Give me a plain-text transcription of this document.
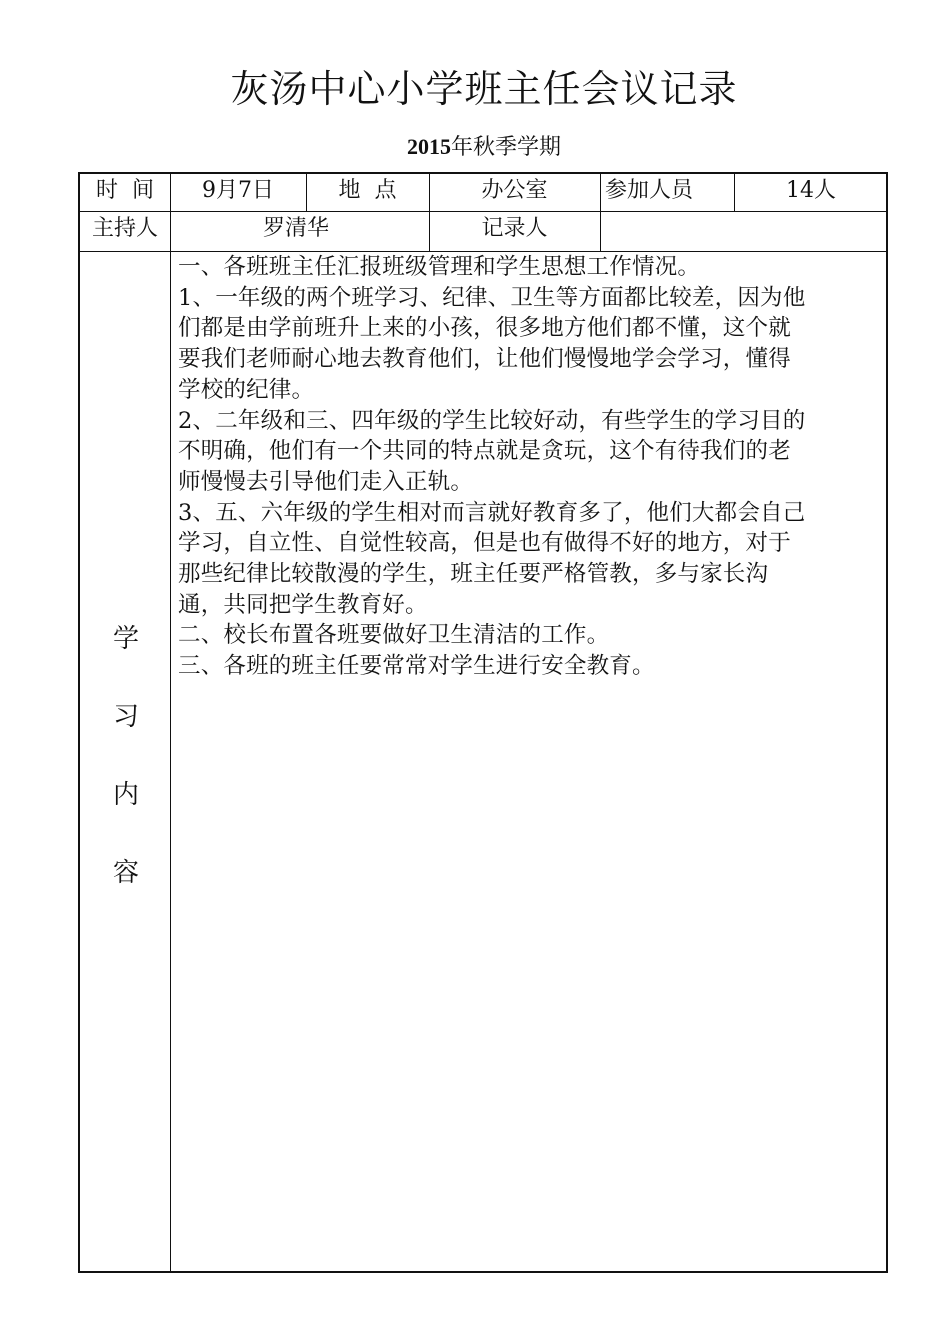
灰汤中心小学班主任会议记录
2015年秋季学期
时  间	9月7日	地  点	办公室	参加人员	14人
主持人	罗清华	记录人
学
习
内
容

一、各班班主任汇报班级管理和学生思想工作情况。

1、一年级的两个班学习、纪律、卫生等方面都比较差，因为他

们都是由学前班升上来的小孩，很多地方他们都不懂，这个就

要我们老师耐心地去教育他们，让他们慢慢地学会学习，懂得

学校的纪律。

2、二年级和三、四年级的学生比较好动，有些学生的学习目的

不明确，他们有一个共同的特点就是贪玩，这个有待我们的老

师慢慢去引导他们走入正轨。

3、五、六年级的学生相对而言就好教育多了，他们大都会自己

学习，自立性、自觉性较高，但是也有做得不好的地方，对于

那些纪律比较散漫的学生，班主任要严格管教，多与家长沟

通，共同把学生教育好。

二、校长布置各班要做好卫生清洁的工作。

三、各班的班主任要常常对学生进行安全教育。
